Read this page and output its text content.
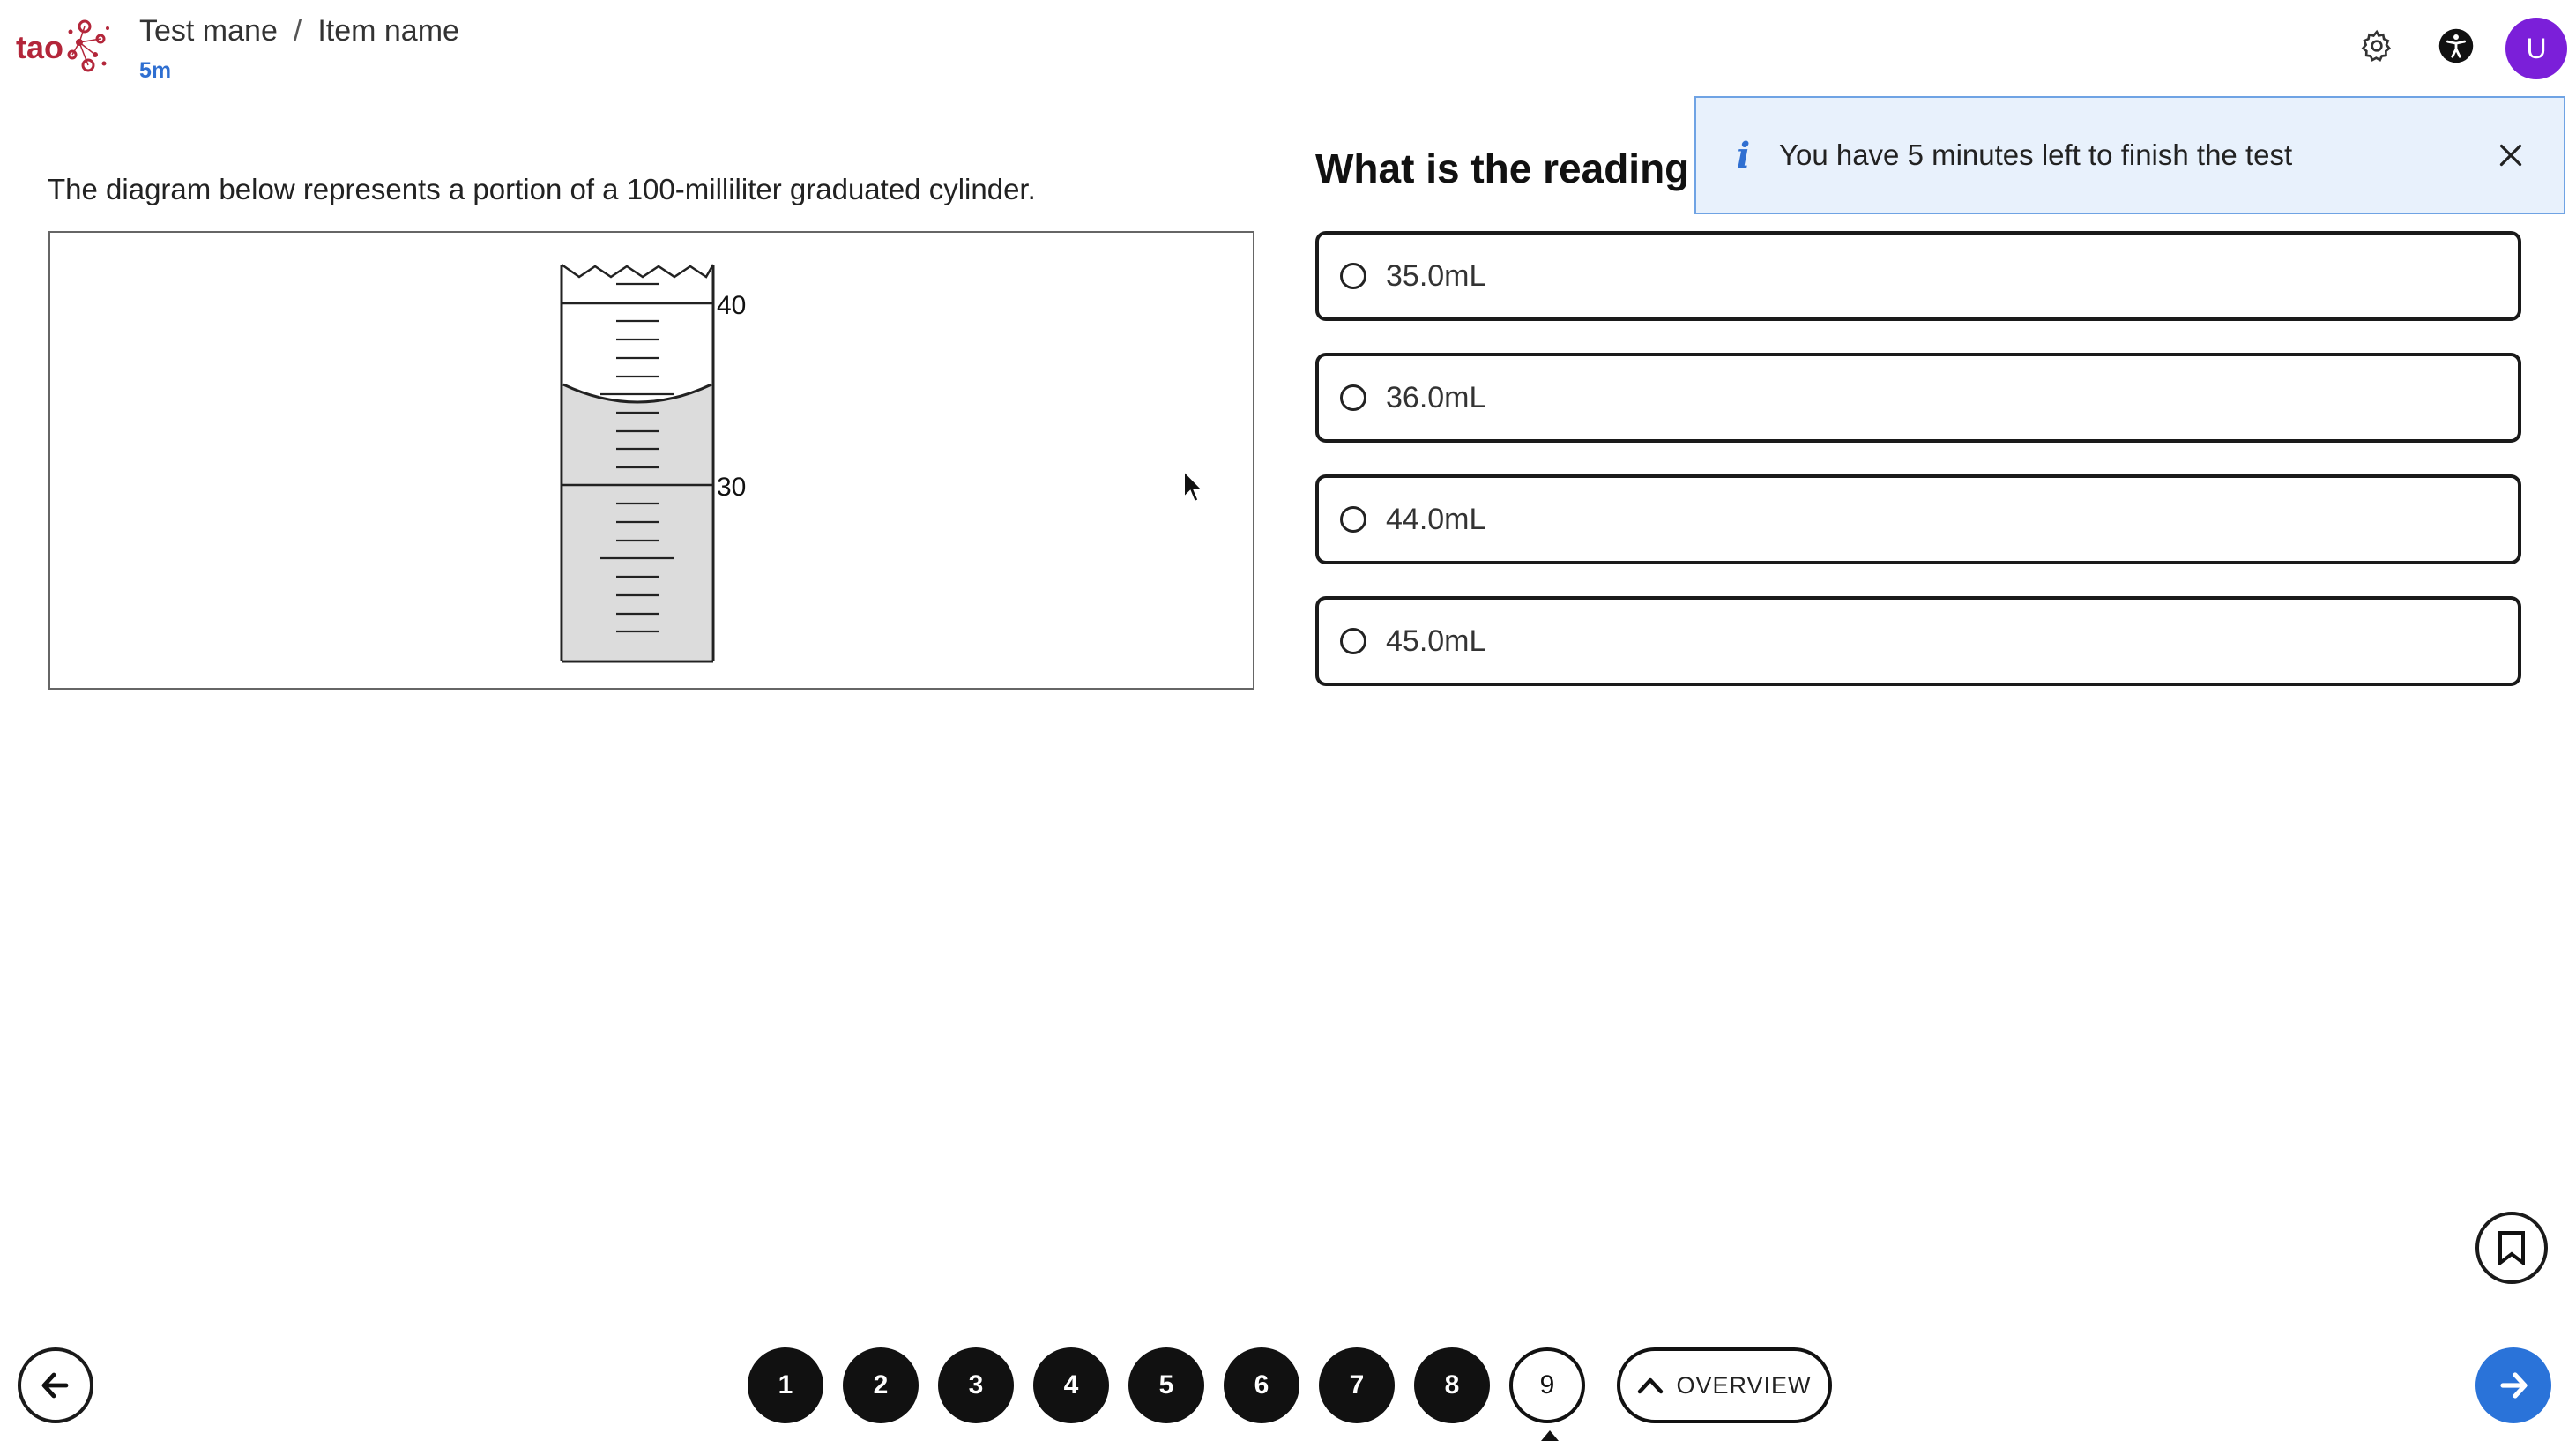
tao	Test mane / Item name
5m
U
i You have 5 minutes left to finish the test
The diagram below represents a portion of a 100-milliliter graduated cylinder.
40
30
What is the reading
35.0mL
36.0mL
44.0mL
45.0mL
1	2	3	4	5	6	7	8	9	OVERVIEW
